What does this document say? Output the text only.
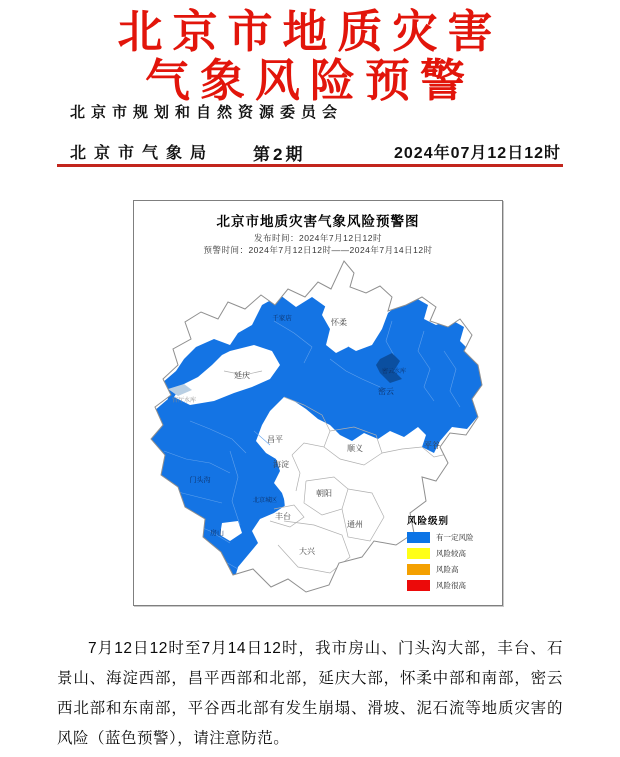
北京市地质灾害
气象风险预警
北京市规划和自然资源委员会
北京市气象局 第2期	2024年07月12日12时
千家店	怀柔
延庆
官厅水库
密云水库
密云
昌平
海淀
顺义	平谷
朝阳
丰台
通州
大兴
门头沟
房山
北京城区
北京市地质灾害气象风险预警图
发布时间：2024年7月12日12时
预警时间：2024年7月12日12时——2024年7月14日12时
风险级别
有一定风险
风险较高
风险高
风险很高

7月12日12时至7月14日12时，我市房山、门头沟大部，丰台、石景山、海淀西部，昌平西部和北部，延庆大部，怀柔中部和南部，密云西北部和东南部，平谷西北部有发生崩塌、滑坡、泥石流等地质灾害的风险（蓝色预警），请注意防范。
